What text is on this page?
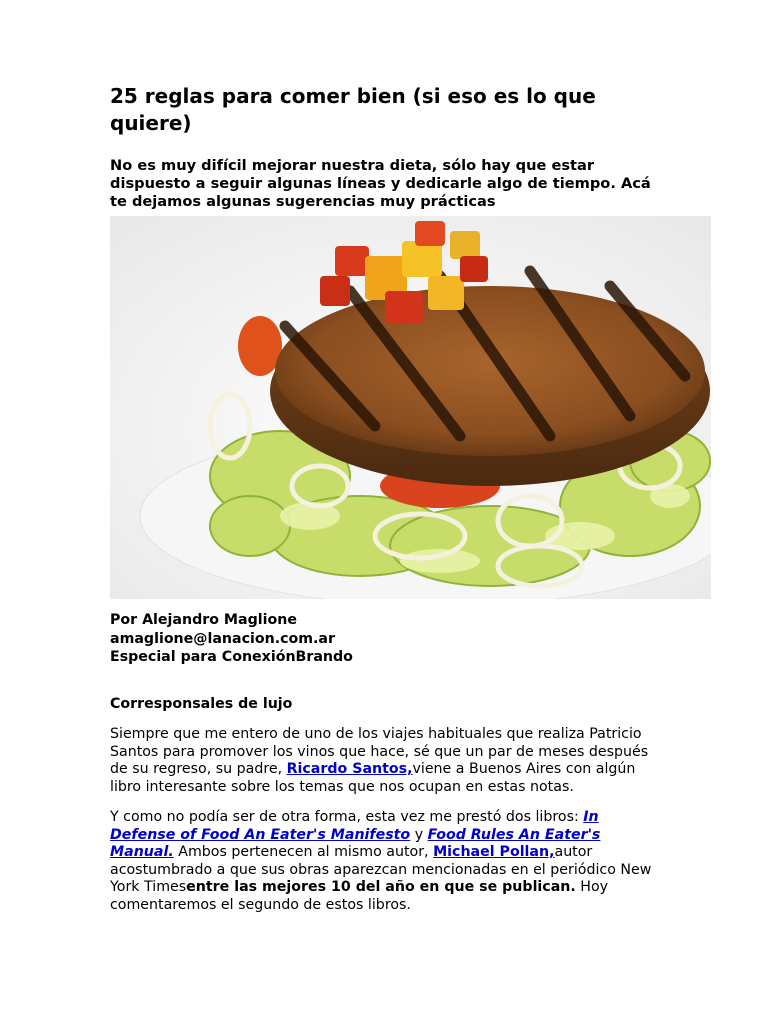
25 reglas para comer bien (si eso es lo que quiere)

No es muy difícil mejorar nuestra dieta, sólo hay que estar dispuesto a seguir algunas líneas y dedicarle algo de tiempo. Acá te dejamos algunas sugerencias muy prácticas

Por Alejandro Maglione
amaglione@lanacion.com.ar
Especial para ConexiónBrando
Corresponsales de lujo

Siempre que me entero de uno de los viajes habituales que realiza Patricio Santos para promover los vinos que hace, sé que un par de meses después de su regreso, su padre, Ricardo Santos,viene a Buenos Aires con algún libro interesante sobre los temas que nos ocupan en estas notas.

Y como no podía ser de otra forma, esta vez me prestó dos libros: In Defense of Food An Eater's Manifesto y Food Rules An Eater's Manual. Ambos pertenecen al mismo autor, Michael Pollan,autor acostumbrado a que sus obras aparezcan mencionadas en el periódico New York Timesentre las mejores 10 del año en que se publican. Hoy comentaremos el segundo de estos libros.
